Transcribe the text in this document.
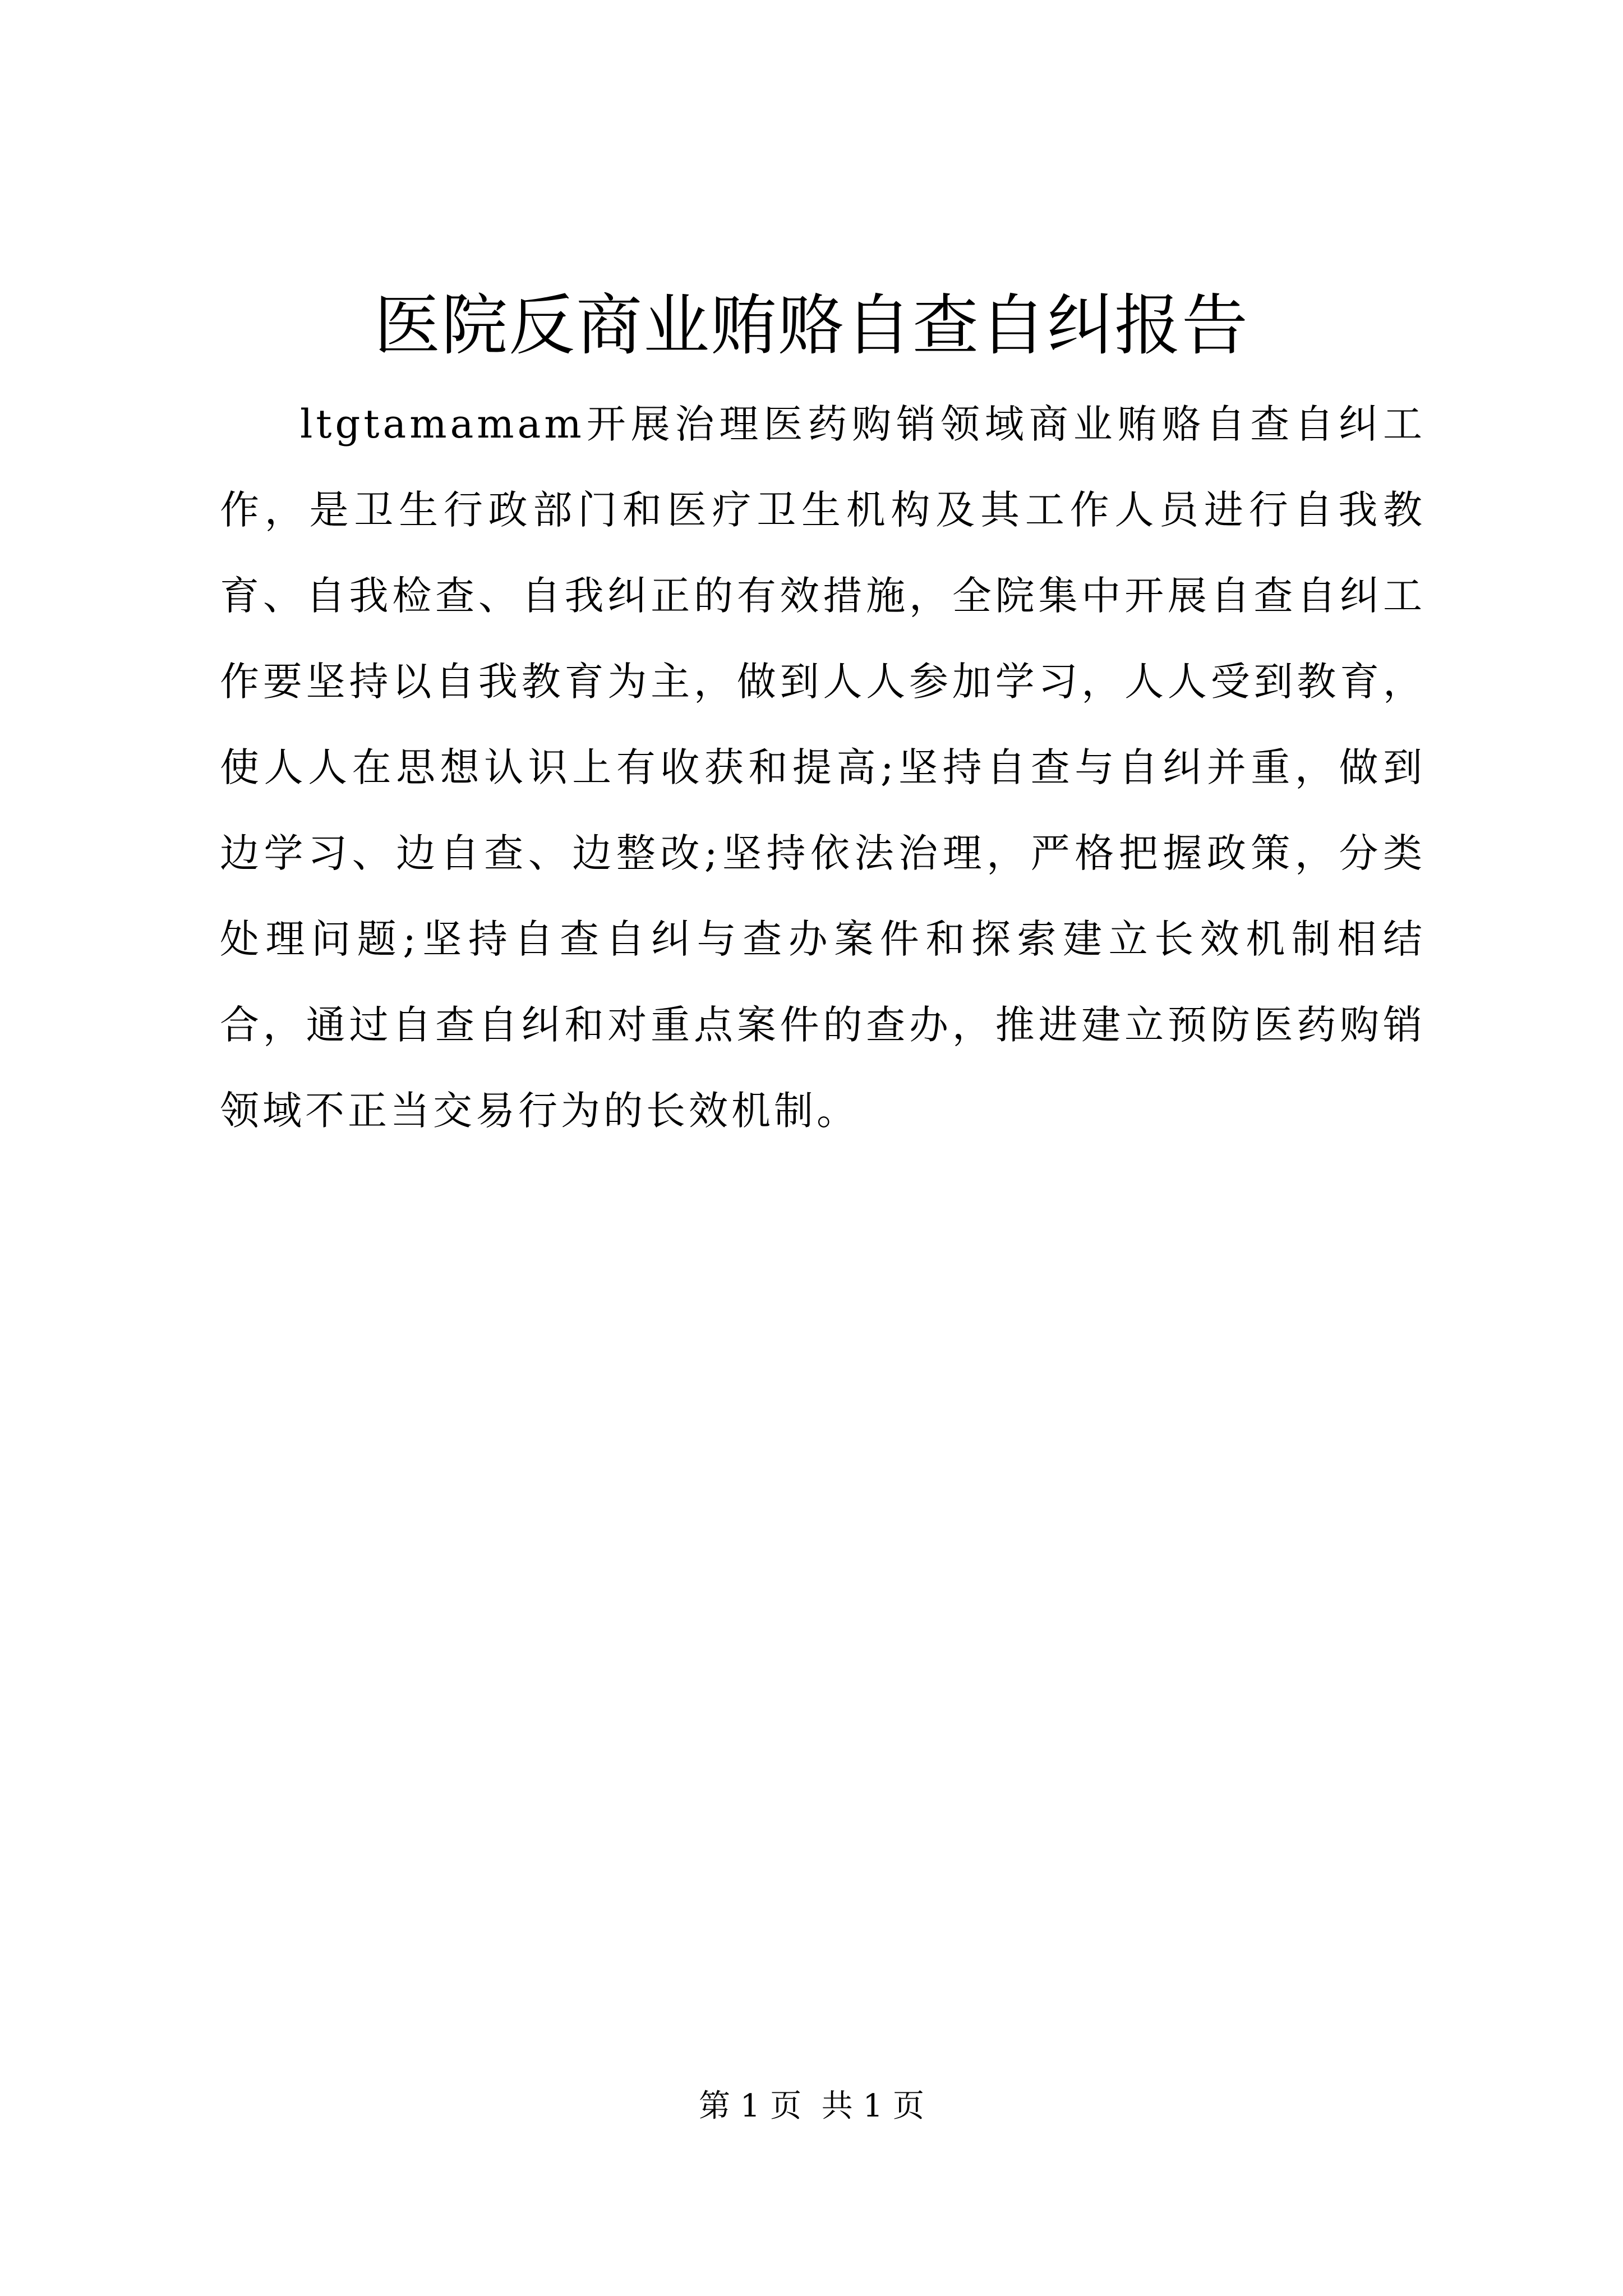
医院反商业贿赂自查自纠报告

ltgtamamam开展治理医药购销领域商业贿赂自查自纠工作，是卫生行政部门和医疗卫生机构及其工作人员进行自我教育、自我检查、自我纠正的有效措施，全院集中开展自查自纠工作要坚持以自我教育为主，做到人人参加学习，人人受到教育，使人人在思想认识上有收获和提高;坚持自查与自纠并重，做到边学习、边自查、边整改;坚持依法治理，严格把握政策，分类处理问题;坚持自查自纠与查办案件和探索建立长效机制相结合，通过自查自纠和对重点案件的查办，推进建立预防医药购销领域不正当交易行为的长效机制。

第 1 页  共 1 页
